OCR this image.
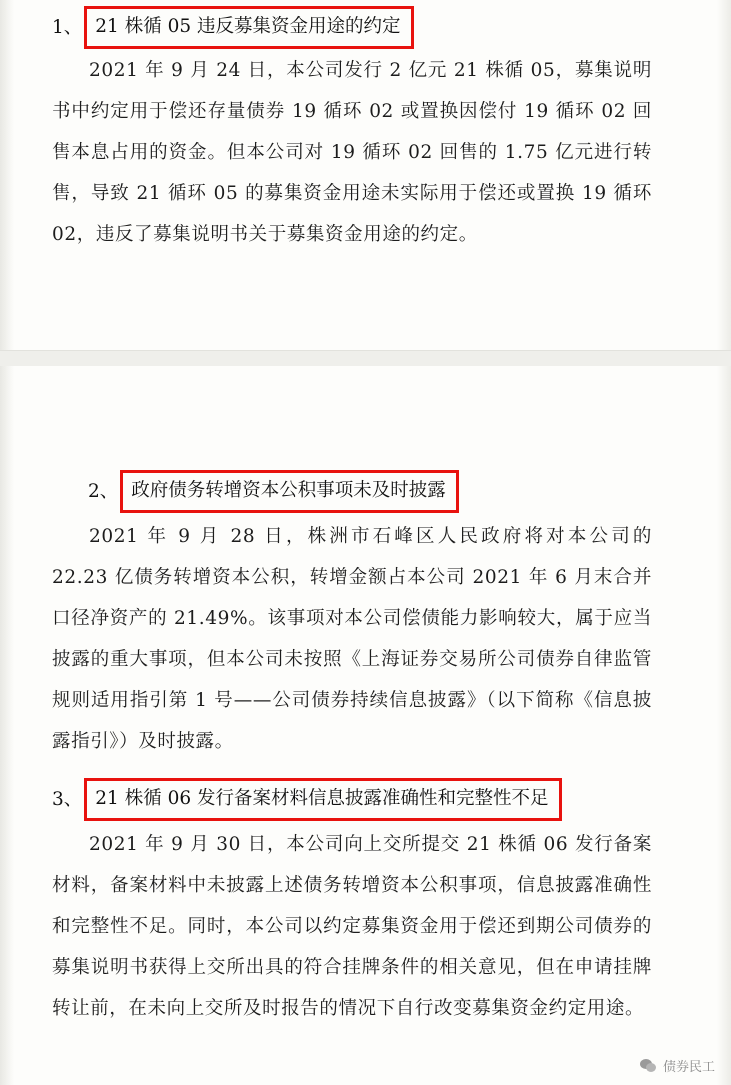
1、 21 株循 05 违反募集资金用途的约定
2021 年 9 月 24 日，本公司发行 2 亿元 21 株循 05，募集说明书中约定用于偿还存量债券 19 循环 02 或置换因偿付 19 循环 02 回售本息占用的资金。但本公司对 19 循环 02 回售的 1.75 亿元进行转售，导致 21 循环 05 的募集资金用途未实际用于偿还或置换 19 循环 02，违反了募集说明书关于募集资金用途的约定。
2、 政府债务转增资本公积事项未及时披露
2021 年 9 月 28 日，株洲市石峰区人民政府将对本公司的 22.23 亿债务转增资本公积，转增金额占本公司 2021 年 6 月末合并口径净资产的 21.49%。该事项对本公司偿债能力影响较大，属于应当披露的重大事项，但本公司未按照《上海证券交易所公司债券自律监管规则适用指引第 1 号——公司债券持续信息披露》（以下简称《信息披露指引》）及时披露。
3、 21 株循 06 发行备案材料信息披露准确性和完整性不足
2021 年 9 月 30 日，本公司向上交所提交 21 株循 06 发行备案材料，备案材料中未披露上述债务转增资本公积事项，信息披露准确性和完整性不足。同时，本公司以约定募集资金用于偿还到期公司债券的募集说明书获得上交所出具的符合挂牌条件的相关意见，但在申请挂牌转让前，在未向上交所及时报告的情况下自行改变募集资金约定用途。
债券民工
